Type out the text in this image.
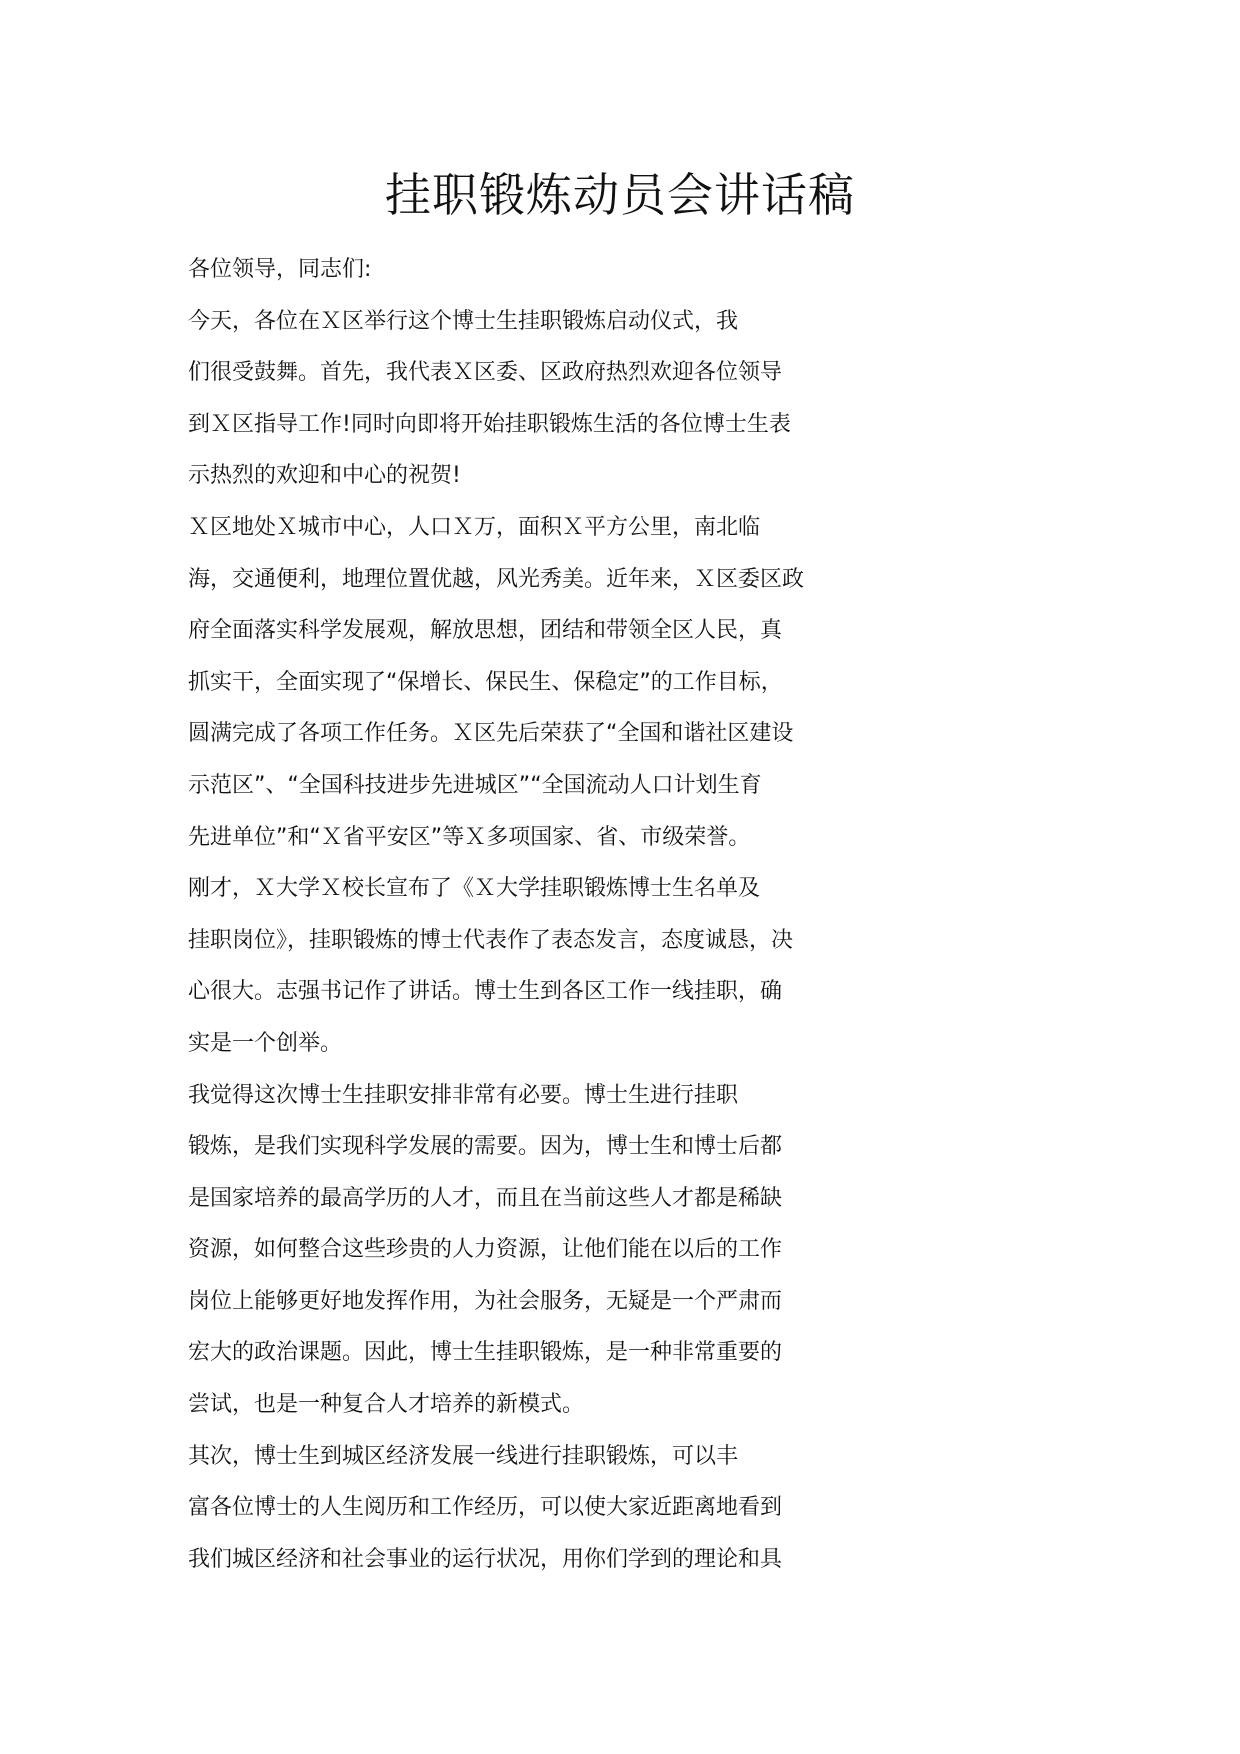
挂职锻炼动员会讲话稿
各位领导，同志们:
今天，各位在Ｘ区举行这个博士生挂职锻炼启动仪式，我
们很受鼓舞。首先，我代表Ｘ区委、区政府热烈欢迎各位领导
到Ｘ区指导工作!同时向即将开始挂职锻炼生活的各位博士生表
示热烈的欢迎和中心的祝贺!
Ｘ区地处Ｘ城市中心，人口Ｘ万，面积Ｘ平方公里，南北临
海，交通便利，地理位置优越，风光秀美。近年来，Ｘ区委区政
府全面落实科学发展观，解放思想，团结和带领全区人民，真
抓实干，全面实现了“保增长、保民生、保稳定”的工作目标，
圆满完成了各项工作任务。Ｘ区先后荣获了“全国和谐社区建设
示范区”、“全国科技进步先进城区”“全国流动人口计划生育
先进单位”和“Ｘ省平安区”等Ｘ多项国家、省、市级荣誉。
刚才，Ｘ大学Ｘ校长宣布了《Ｘ大学挂职锻炼博士生名单及
挂职岗位》，挂职锻炼的博士代表作了表态发言，态度诚恳，决
心很大。志强书记作了讲话。博士生到各区工作一线挂职，确
实是一个创举。
我觉得这次博士生挂职安排非常有必要。博士生进行挂职
锻炼，是我们实现科学发展的需要。因为，博士生和博士后都
是国家培养的最高学历的人才，而且在当前这些人才都是稀缺
资源，如何整合这些珍贵的人力资源，让他们能在以后的工作
岗位上能够更好地发挥作用，为社会服务，无疑是一个严肃而
宏大的政治课题。因此，博士生挂职锻炼，是一种非常重要的
尝试，也是一种复合人才培养的新模式。
其次，博士生到城区经济发展一线进行挂职锻炼，可以丰
富各位博士的人生阅历和工作经历，可以使大家近距离地看到
我们城区经济和社会事业的运行状况，用你们学到的理论和具
